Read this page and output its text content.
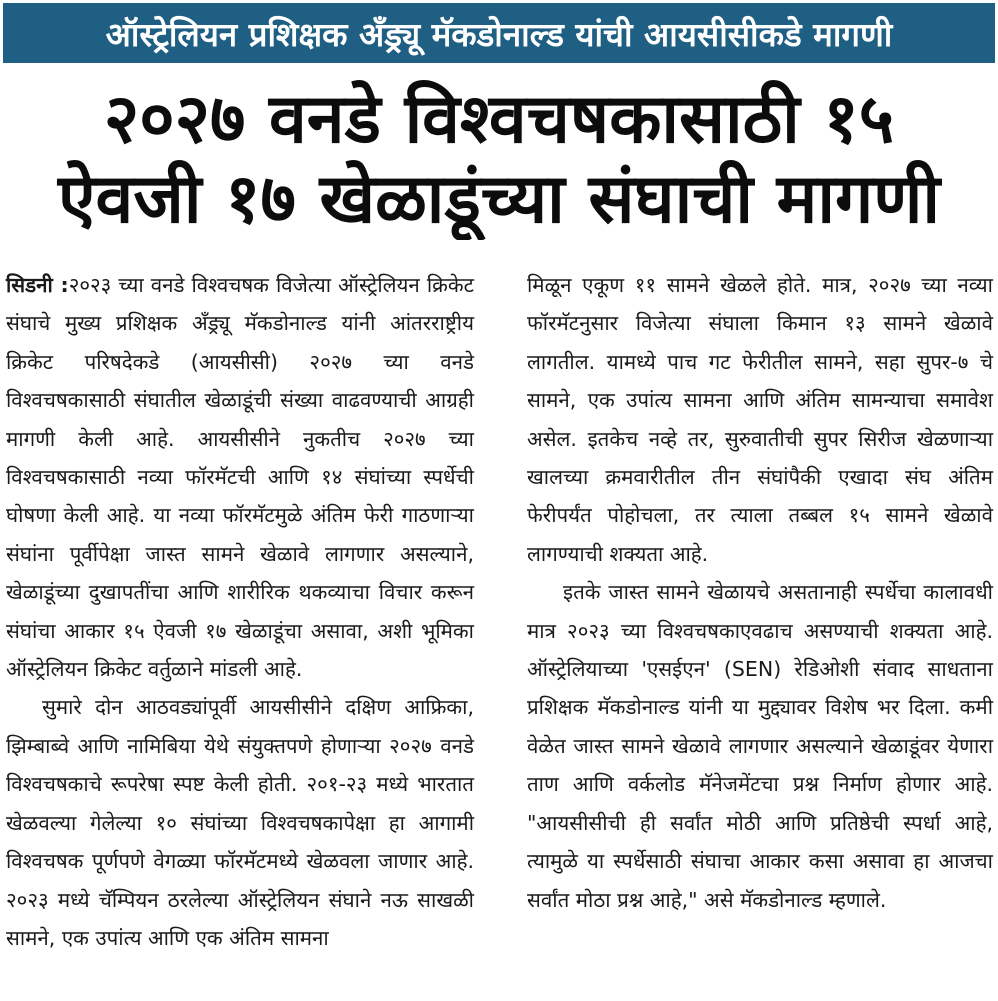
ऑस्ट्रेलियन प्रशिक्षक अँड्र्यू मॅकडोनाल्ड यांची आयसीसीकडे मागणी
२०२७ वनडे विश्वचषकासाठी १५
ऐवजी १७ खेळाडूंच्या संघाची मागणी

सिडनी :२०२३ च्या वनडे विश्वचषक विजेत्या ऑस्ट्रेलियन क्रिकेट संघाचे मुख्य प्रशिक्षक अँड्र्यू मॅकडोनाल्ड यांनी आंतरराष्ट्रीय क्रिकेट परिषदेकडे (आयसीसी) २०२७ च्या वनडे विश्वचषकासाठी संघातील खेळाडूंची संख्या वाढवण्याची आग्रही मागणी केली आहे. आयसीसीने नुकतीच २०२७ च्या विश्वचषकासाठी नव्या फॉरमॅटची आणि १४ संघांच्या स्पर्धेची घोषणा केली आहे. या नव्या फॉरमॅटमुळे अंतिम फेरी गाठणाऱ्या संघांना पूर्वीपेक्षा जास्त सामने खेळावे लागणार असल्याने, खेळाडूंच्या दुखापतींचा आणि शारीरिक थकव्याचा विचार करून संघांचा आकार १५ ऐवजी १७ खेळाडूंचा असावा, अशी भूमिका ऑस्ट्रेलियन क्रिकेट वर्तुळाने मांडली आहे.

सुमारे दोन आठवड्यांपूर्वी आयसीसीने दक्षिण आफ्रिका, झिम्बाब्वे आणि नामिबिया येथे संयुक्तपणे होणाऱ्या २०२७ वनडे विश्वचषकाचे रूपरेषा स्पष्ट केली होती. २०१-२३ मध्ये भारतात खेळवल्या गेलेल्या १० संघांच्या विश्वचषकापेक्षा हा आगामी विश्वचषक पूर्णपणे वेगळ्या फॉरमॅटमध्ये खेळवला जाणार आहे. २०२३ मध्ये चॅम्पियन ठरलेल्या ऑस्ट्रेलियन संघाने नऊ साखळी सामने, एक उपांत्य आणि एक अंतिम सामना

मिळून एकूण ११ सामने खेळले होते. मात्र, २०२७ च्या नव्या फॉरमॅटनुसार विजेत्या संघाला किमान १३ सामने खेळावे लागतील. यामध्ये पाच गट फेरीतील सामने, सहा सुपर-७ चे सामने, एक उपांत्य सामना आणि अंतिम सामन्याचा समावेश असेल. इतकेच नव्हे तर, सुरुवातीची सुपर सिरीज खेळणाऱ्या खालच्या क्रमवारीतील तीन संघांपैकी एखादा संघ अंतिम फेरीपर्यंत पोहोचला, तर त्याला तब्बल १५ सामने खेळावे लागण्याची शक्यता आहे.

इतके जास्त सामने खेळायचे असतानाही स्पर्धेचा कालावधी मात्र २०२३ च्या विश्वचषकाएवढाच असण्याची शक्यता आहे. ऑस्ट्रेलियाच्या 'एसईएन' (SEN) रेडिओशी संवाद साधताना प्रशिक्षक मॅकडोनाल्ड यांनी या मुद्द्यावर विशेष भर दिला. कमी वेळेत जास्त सामने खेळावे लागणार असल्याने खेळाडूंवर येणारा ताण आणि वर्कलोड मॅनेजमेंटचा प्रश्न निर्माण होणार आहे. "आयसीसीची ही सर्वांत मोठी आणि प्रतिष्ठेची स्पर्धा आहे, त्यामुळे या स्पर्धेसाठी संघाचा आकार कसा असावा हा आजचा सर्वांत मोठा प्रश्न आहे," असे मॅकडोनाल्ड म्हणाले.
